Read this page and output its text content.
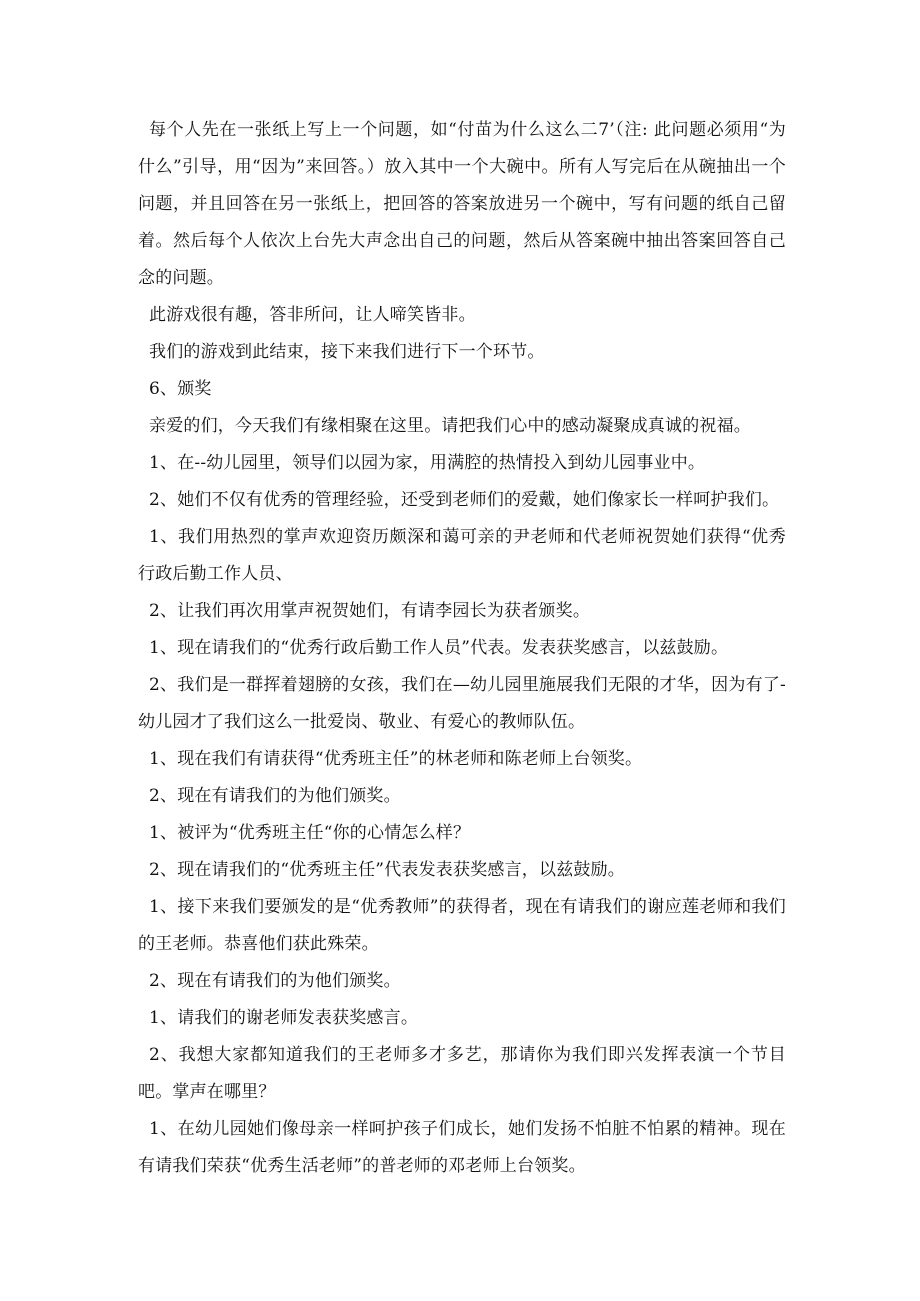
每个人先在一张纸上写上一个问题，如“付苗为什么这么二7’（注: 此问题必须用“为什么”引导，用“因为”来回答。）放入其中一个大碗中。所有人写完后在从碗抽出一个问题，并且回答在另一张纸上，把回答的答案放进另一个碗中，写有问题的纸自己留着。然后每个人依次上台先大声念出自己的问题，然后从答案碗中抽出答案回答自己念的问题。

此游戏很有趣，答非所问，让人啼笑皆非。

我们的游戏到此结束，接下来我们进行下一个环节。

6、颁奖

亲爱的们，今天我们有缘相聚在这里。请把我们心中的感动凝聚成真诚的祝福。

1、在--幼儿园里，领导们以园为家，用满腔的热情投入到幼儿园事业中。

2、她们不仅有优秀的管理经验，还受到老师们的爱戴，她们像家长一样呵护我们。

1、我们用热烈的掌声欢迎资历颇深和蔼可亲的尹老师和代老师祝贺她们获得“优秀行政后勤工作人员、

2、让我们再次用掌声祝贺她们，有请李园长为获者颁奖。

1、现在请我们的“优秀行政后勤工作人员”代表。发表获奖感言，以兹鼓励。

2、我们是一群挥着翅膀的女孩，我们在—幼儿园里施展我们无限的才华，因为有了-幼儿园才了我们这么一批爱岗、敬业、有爱心的教师队伍。

1、现在我们有请获得“优秀班主任”的林老师和陈老师上台领奖。

2、现在有请我们的为他们颁奖。

1、被评为“优秀班主任“你的心情怎么样？

2、现在请我们的“优秀班主任”代表发表获奖感言，以兹鼓励。

1、接下来我们要颁发的是“优秀教师”的获得者，现在有请我们的谢应莲老师和我们的王老师。恭喜他们获此殊荣。

2、现在有请我们的为他们颁奖。

1、请我们的谢老师发表获奖感言。

2、我想大家都知道我们的王老师多才多艺，那请你为我们即兴发挥表演一个节目吧。掌声在哪里？

1、在幼儿园她们像母亲一样呵护孩子们成长，她们发扬不怕脏不怕累的精神。现在有请我们荣获“优秀生活老师”的普老师的邓老师上台领奖。
